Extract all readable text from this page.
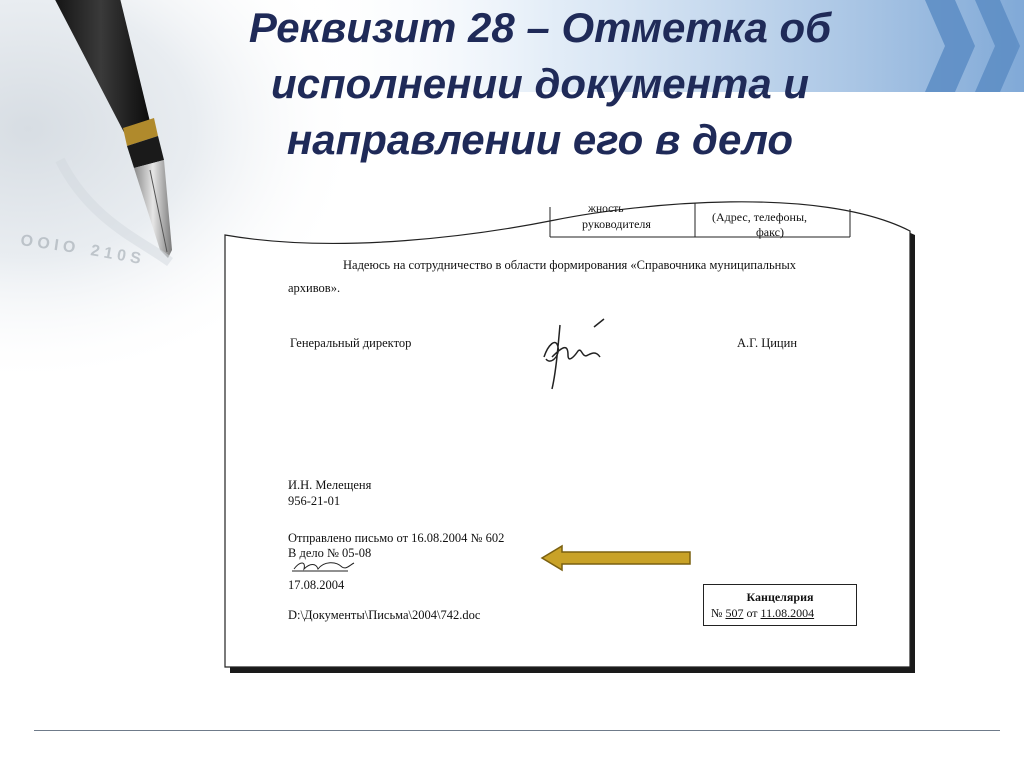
O O I O 2 1 0 S
Реквизит 28 – Отметка об
исполнении документа и
направлении его в дело
жность
руководителя	(Адрес, телефоны,
факс)
Надеюсь на сотрудничество в области формирования «Справочника муниципальных
архивов».
Генеральный директор	А.Г. Цицин
И.Н. Мелещеня
956-21-01
Отправлено письмо от 16.08.2004 № 602
В дело № 05-08
17.08.2004
D:\Документы\Письма\2004\742.doc
Канцелярия
№ 507 от 11.08.2004
